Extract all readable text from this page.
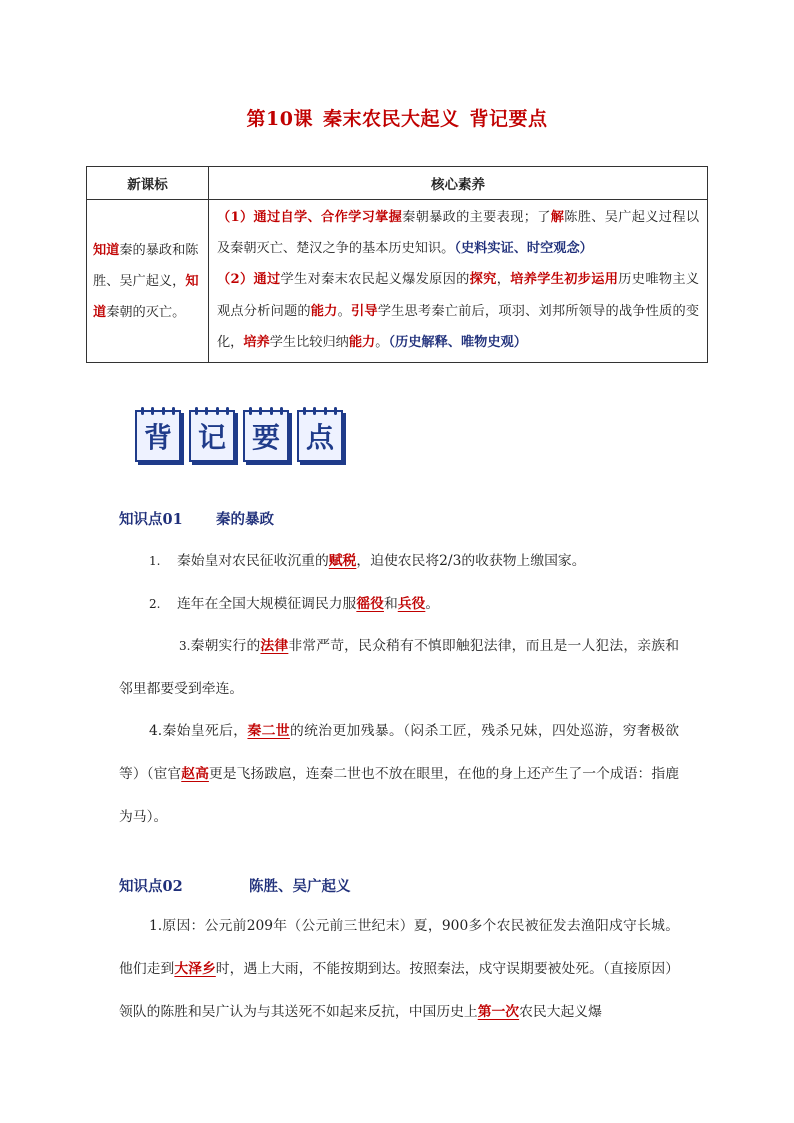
第10课 秦末农民大起义 背记要点
新课标	核心素养
知道秦的暴政和陈胜、吴广起义，知道秦朝的灭亡。	（1）通过自学、合作学习掌握秦朝暴政的主要表现；了解陈胜、吴广起义过程以及秦朝灭亡、楚汉之争的基本历史知识。（史料实证、时空观念）
（2）通过学生对秦末农民起义爆发原因的探究，培养学生初步运用历史唯物主义观点分析问题的能力。引导学生思考秦亡前后，项羽、刘邦所领导的战争性质的变化，培养学生比较归纳能力。（历史解释、唯物史观）
背 记 要 点
知识点01 秦的暴政
1. 秦始皇对农民征收沉重的赋税，迫使农民将2/3的收获物上缴国家。
2. 连年在全国大规模征调民力服徭役和兵役。
3.秦朝实行的法律非常严苛，民众稍有不慎即触犯法律，而且是一人犯法，亲族和邻里都要受到牵连。
4.秦始皇死后，秦二世的统治更加残暴。（闷杀工匠，残杀兄妹，四处巡游，穷奢极欲等）（宦官赵高更是飞扬跋扈，连秦二世也不放在眼里，在他的身上还产生了一个成语：指鹿为马）。
知识点02	陈胜、吴广起义
1.原因：公元前209年（公元前三世纪末）夏，900多个农民被征发去渔阳戍守长城。他们走到大泽乡时，遇上大雨，不能按期到达。按照秦法，戍守误期要被处死。（直接原因）领队的陈胜和吴广认为与其送死不如起来反抗，中国历史上第一次农民大起义爆
